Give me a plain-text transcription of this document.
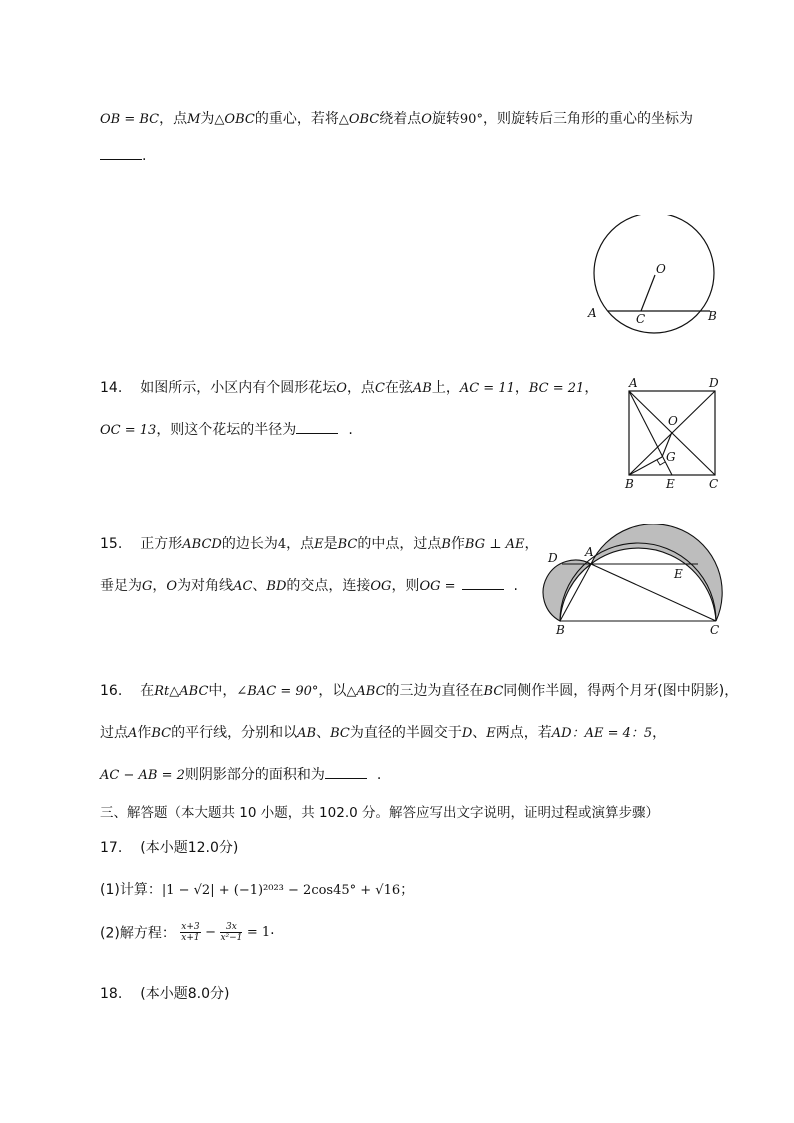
OB = BC，点M为△OBC的重心，若将△OBC绕着点O旋转90°，则旋转后三角形的重心的坐标为
.
A	B
C
O
14. 如图所示，小区内有个圆形花坛O，点C在弦AB上，AC = 11，BC = 21，
OC = 13，则这个花坛的半径为	.
A	D
B	E	C
O
G
15. 正方形ABCD的边长为4，点E是BC的中点，过点B作BG ⊥ AE，
垂足为G，O为对角线AC、BD的交点，连接OG，则OG =	.
D A
E
B	C
16. 在Rt△ABC中，∠BAC = 90°，以△ABC的三边为直径在BC同侧作半圆，得两个月牙(图中阴影)，
过点A作BC的平行线，分别和以AB、BC为直径的半圆交于D、E两点，若AD：AE = 4：5，
AC − AB = 2则阴影部分的面积和为	.
三、解答题（本大题共 10 小题，共 102.0 分。解答应写出文字说明，证明过程或演算步骤）
17. (本小题12.0分)
(1)计算：|1 − √2| + (−1)²⁰²³ − 2cos45° + √16；
(2)解方程： $\frac{x+3}{x+1} - \frac{3x}{\text{x²−1}} = 1$.
18. (本小题8.0分)
